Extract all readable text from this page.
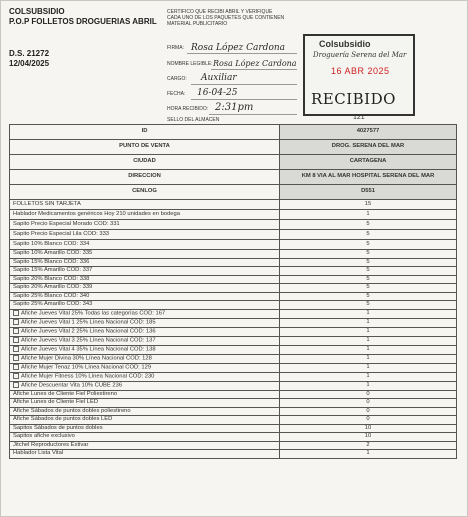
COLSUBSIDIO
P.O.P FOLLETOS DROGUERIAS ABRIL
D.S. 21272
12/04/2025
CERTIFICO QUE RECIBI ABRIL Y VERIFIQUE CADA UNO DE LOS PAQUETES QUE CONTIENEN MATERIAL PUBLICITARIO
FIRMA: Rosa López Cardona
NOMBRE LEGIBLE: Rosa López Cardona
CARGO: Auxiliar
FECHA: 16-04-25
HORA RECIBIDO: 2:31pm
SELLO DEL ALMACEN
Colsubsidio
Droguería Serena del Mar
16 ABR 2025
RECIBIDO
121
ID	4027577
PUNTO DE VENTA	DROG. SERENA DEL MAR
CIUDAD	CARTAGENA
DIRECCION	KM 8 VIA AL MAR HOSPITAL SERENA DEL MAR
CENLOG	D551
FOLLETOS SIN TARJETA	15
Hablador Medicamentos genéricos Hoy 210 unidades en bodega	1
Sapito Precio Especial Morado COD: 331	5
Sapito Precio Especial Lila COD: 333	5
Sapito 10% Blanco COD: 334	5
Sapito 10% Amarillo COD: 335	5
Sapito 15% Blanco COD: 336	5
Sapito 15% Amarillo COD: 337	5
Sapito 20% Blanco COD: 338	5
Sapito 20% Amarillo COD: 339	5
Sapito 25% Blanco COD: 340	5
Sapito 25% Amarillo COD: 343	5
Afiche Jueves Vital 25% Todas las categorías COD: 167	1
Afiche Jueves Vital 1 25% Línea Nacional COD: 185	1
Afiche Jueves Vital 2 25% Línea Nacional COD: 136	1
Afiche Jueves Vital 3 25% Línea Nacional COD: 137	1
Afiche Jueves Vital 4 35% Línea Nacional COD: 138	1
Afiche Mujer Divina 30% Línea Nacional COD: 128	1
Afiche Mujer Tenaz 10% Línea Nacional COD: 129	1
Afiche Mujer Fitness 10% Línea Nacional COD: 230	1
Afiche Descuentar Vita 10% CUBE 236	1
Afiche Lunes de Cliente Fiel Poliestireno	0
Afiche Lunes de Cliente Fiel LED	0
Afiche Sábados de puntos dobles poliestireno	0
Afiche Sábados de puntos dobles LED	0
Sapitos Sábados de puntos dobles	10
Sapitos afiche exclusivo	10
Jitchel Reproductores Estivar	2
Hablador Lista Vital	1
